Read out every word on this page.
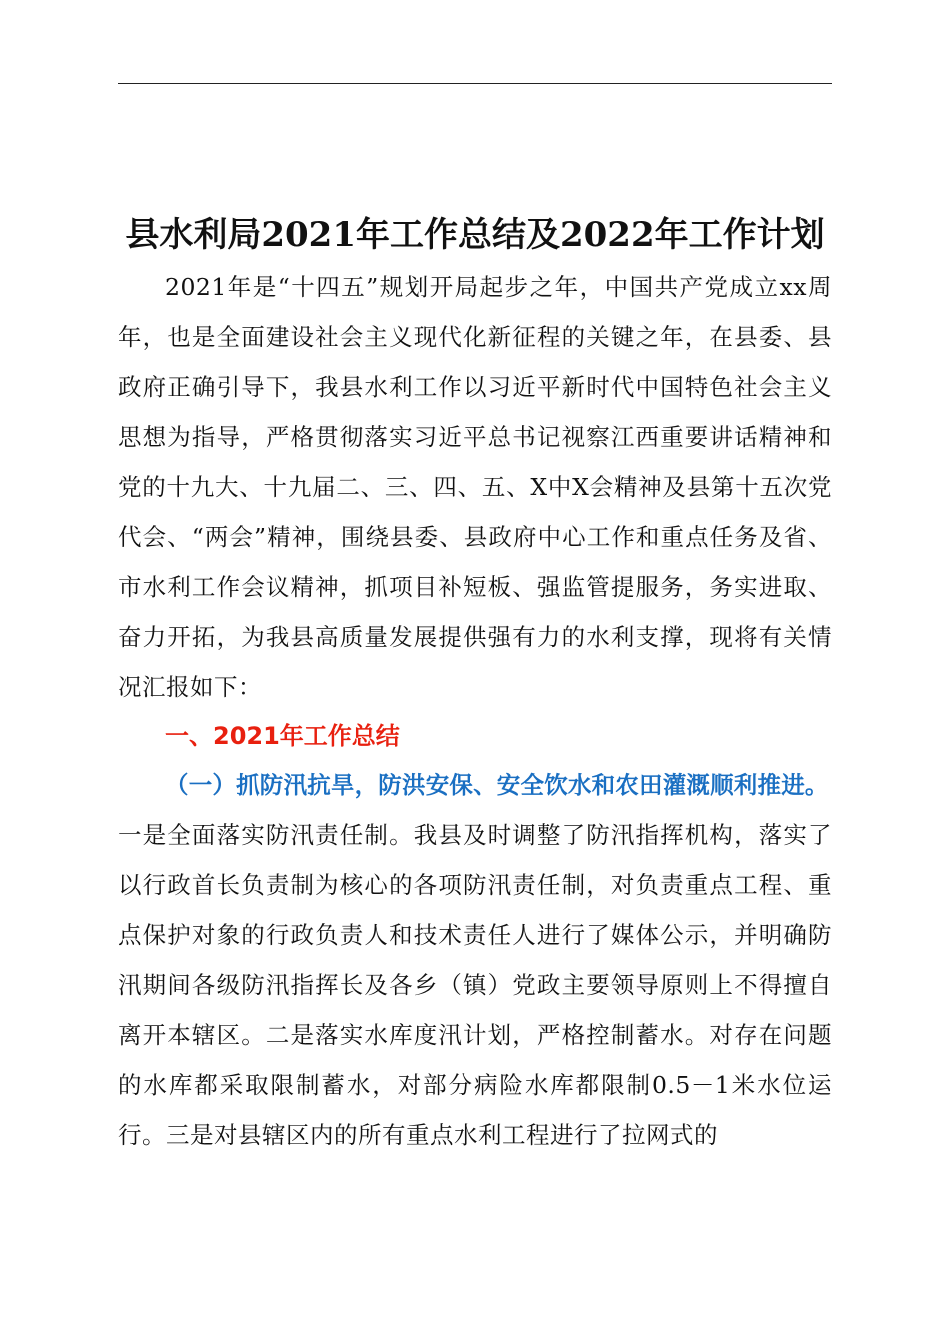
县水利局2021年工作总结及2022年工作计划

2021年是“十四五”规划开局起步之年，中国共产党成立xx周年，也是全面建设社会主义现代化新征程的关键之年，在县委、县政府正确引导下，我县水利工作以习近平新时代中国特色社会主义思想为指导，严格贯彻落实习近平总书记视察江西重要讲话精神和党的十九大、十九届二、三、四、五、X中X会精神及县第十五次党代会、“两会”精神，围绕县委、县政府中心工作和重点任务及省、市水利工作会议精神，抓项目补短板、强监管提服务，务实进取、奋力开拓，为我县高质量发展提供强有力的水利支撑，现将有关情况汇报如下：

一、2021年工作总结
（一）抓防汛抗旱，防洪安保、安全饮水和农田灌溉顺利推进。

一是全面落实防汛责任制。我县及时调整了防汛指挥机构，落实了以行政首长负责制为核心的各项防汛责任制，对负责重点工程、重点保护对象的行政负责人和技术责任人进行了媒体公示，并明确防汛期间各级防汛指挥长及各乡（镇）党政主要领导原则上不得擅自离开本辖区。二是落实水库度汛计划，严格控制蓄水。对存在问题的水库都采取限制蓄水，对部分病险水库都限制0.5－1米水位运行。三是对县辖区内的所有重点水利工程进行了拉网式的
